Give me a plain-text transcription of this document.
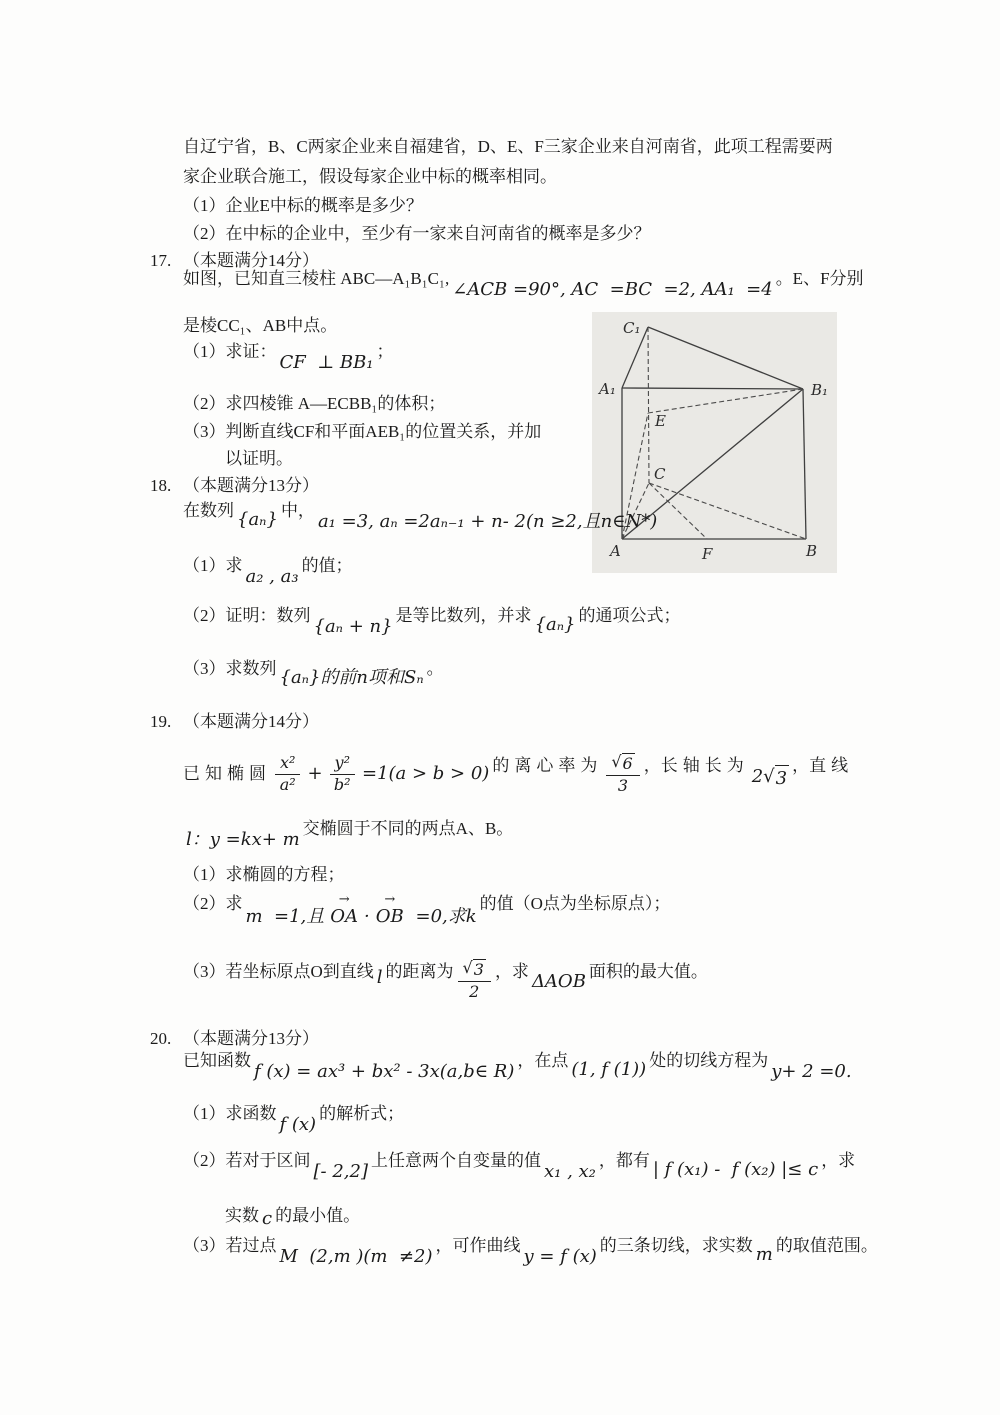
自辽宁省，B、C两家企业来自福建省，D、E、F三家企业来自河南省，此项工程需要两
家企业联合施工，假设每家企业中标的概率相同。
（1）企业E中标的概率是多少？
（2）在中标的企业中，至少有一家来自河南省的概率是多少？
17. （本题满分14分）
如图，已知直三棱柱 ABC—A₁B₁C₁,
∠ACB =90°, AC  =BC  =2, AA₁  =4
。E、F分别
是棱CC₁、AB中点。
（1）求证：
CF  ⊥ BB₁
；
（2）求四棱锥 A—ECBB₁的体积；
（3）判断直线CF和平面AEB₁的位置关系，并加
以证明。
C₁
A₁	B₁
E
C
A	F	B
18. （本题满分13分）
在数列 {aₙ} 中，
a₁ =3, aₙ =2aₙ₋₁ + n- 2(n ≥2,且n∈N*)
（1）求
a₂ , a₃
的值；
（2）证明：数列
{aₙ + n}
是等比数列，并求 {aₙ} 的通项公式；
（3）求数列 {aₙ}的前n项和Sₙ 。
19. （本题满分14分）
已知椭圆 $\frac{\text{x²}}{\text{a²}} + \frac{\text{y²}}{\text{b²}} =1(a > b > 0)$ 的离心率为 $\frac{√ 6}{3}$ ， 长轴长为
2 √ 3
， 直线
l：y =kx+ m
交椭圆于不同的两点A、B。
（1）求椭圆的方程；
（2）求
m  =1,且
→
OA ·
→
OB =0,求k
的值（O点为坐标原点）；
（3）若坐标原点O到直线 l 的距离为 $\frac{√ 3}{2}$ ，求 ΔAOB 面积的最大值。
20. （本题满分13分）
已知函数
f (x) = ax³ + bx² - 3x(a,b∈ R)
，在点 (1, f (1)) 处的切线方程为
y+ 2 =0.
（1）求函数
f (x)
的解析式；
（2）若对于区间
[- 2,2]
上任意两个自变量的值
x₁ , x₂
，都有 | f (x₁) -  f (x₂) |≤ c ，求
实数 c 的最小值。
（3）若过点
M  (2,m )(m  ≠2)
，可作曲线
y = f (x)
的三条切线，求实数 m 的取值范围。
